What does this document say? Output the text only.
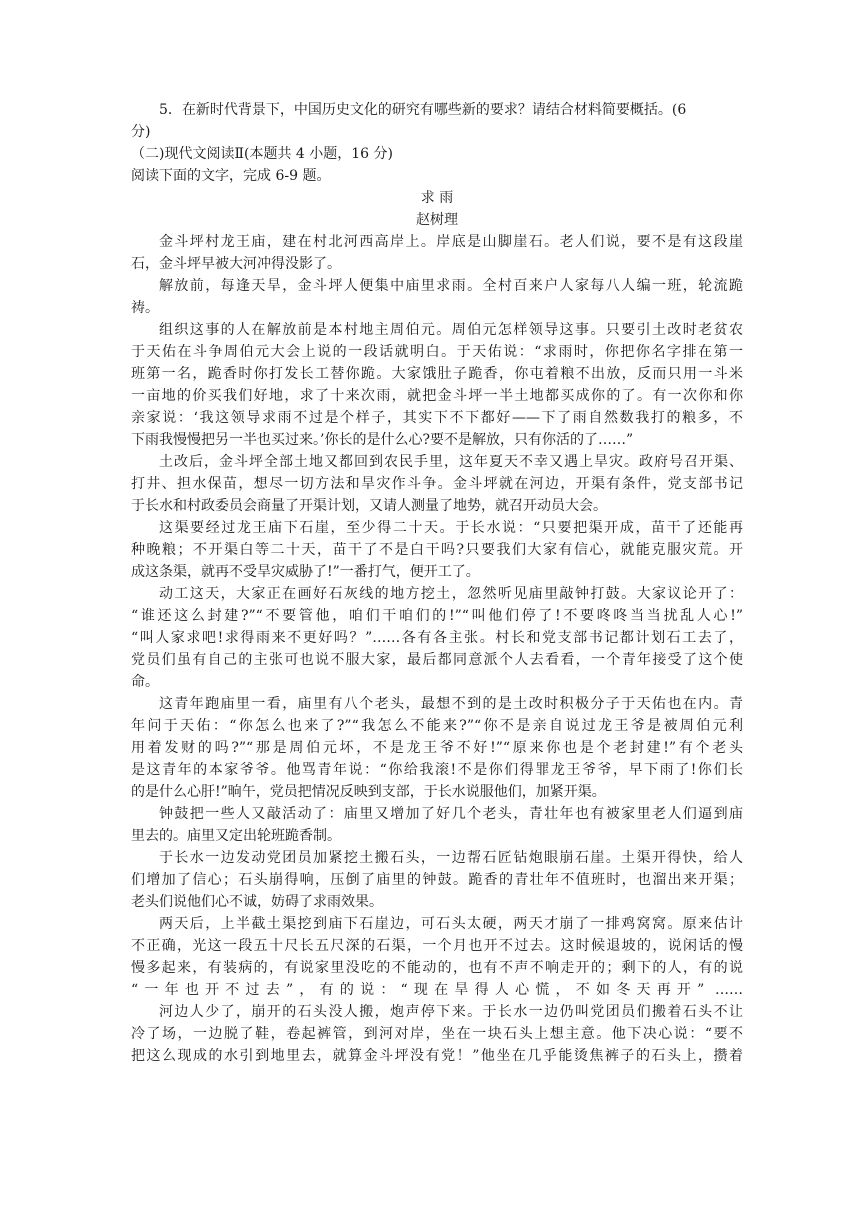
5．在新时代背景下，中国历史文化的研究有哪些新的要求？请结合材料简要概括。(6
分)
（二)现代文阅读Ⅱ(本题共 4 小题，16 分)
阅读下面的文字，完成 6-9 题。
求 雨
赵树理
金斗坪村龙王庙，建在村北河西高岸上。岸底是山脚崖石。老人们说，要不是有这段崖
石，金斗坪早被大河冲得没影了。
解放前，每逢天旱，金斗坪人便集中庙里求雨。全村百来户人家每八人编一班，轮流跪
祷。
组织这事的人在解放前是本村地主周伯元。周伯元怎样领导这事。只要引土改时老贫农
于天佑在斗争周伯元大会上说的一段话就明白。于天佑说：“求雨时，你把你名字排在第一
班第一名，跪香时你打发长工替你跪。大家饿肚子跪香，你屯着粮不出放，反而只用一斗米
一亩地的价买我们好地，求了十来次雨，就把金斗坪一半土地都买成你的了。有一次你和你
亲家说：‘我这领导求雨不过是个样子，其实下不下都好——下了雨自然数我打的粮多，不
下雨我慢慢把另一半也买过来。’你长的是什么心?要不是解放，只有你活的了……”
土改后，金斗坪全部土地又都回到农民手里，这年夏天不幸又遇上旱灾。政府号召开渠、
打井、担水保苗，想尽一切方法和旱灾作斗争。金斗坪就在河边，开渠有条件，党支部书记
于长水和村政委员会商量了开渠计划，又请人测量了地势，就召开动员大会。
这渠要经过龙王庙下石崖，至少得二十天。于长水说：“只要把渠开成，苗干了还能再
种晚粮；不开渠白等二十天，苗干了不是白干吗?只要我们大家有信心，就能克服灾荒。开
成这条渠，就再不受旱灾威胁了!”一番打气，便开工了。
动工这天，大家正在画好石灰线的地方挖土，忽然听见庙里敲钟打鼓。大家议论开了：
“谁还这么封建?”“不要管他，咱们干咱们的!”“叫他们停了!不要咚咚当当扰乱人心!”
“叫人家求吧!求得雨来不更好吗？”……各有各主张。村长和党支部书记都计划石工去了，
党员们虽有自己的主张可也说不服大家，最后都同意派个人去看看，一个青年接受了这个使
命。
这青年跑庙里一看，庙里有八个老头，最想不到的是土改时积极分子于天佑也在内。青
年问于天佑：“你怎么也来了?”“我怎么不能来?”“你不是亲自说过龙王爷是被周伯元利
用着发财的吗?”“那是周伯元坏，不是龙王爷不好!”“原来你也是个老封建!”有个老头
是这青年的本家爷爷。他骂青年说：“你给我滚!不是你们得罪龙王爷爷，早下雨了!你们长
的是什么心肝!”晌午，党员把情况反映到支部，于长水说服他们，加紧开渠。
钟鼓把一些人又敲活动了：庙里又增加了好几个老头，青壮年也有被家里老人们逼到庙
里去的。庙里又定出轮班跪香制。
于长水一边发动党团员加紧挖土搬石头，一边帮石匠钻炮眼崩石崖。土渠开得快，给人
们增加了信心；石头崩得响，压倒了庙里的钟鼓。跪香的青壮年不值班时，也溜出来开渠；
老头们说他们心不诚，妨碍了求雨效果。
两天后，上半截土渠挖到庙下石崖边，可石头太硬，两天才崩了一排鸡窝窝。原来估计
不正确，光这一段五十尺长五尺深的石渠，一个月也开不过去。这时候退坡的，说闲话的慢
慢多起来，有装病的，有说家里没吃的不能动的，也有不声不响走开的；剩下的人，有的说
“一年也开不过去”，有的说：“现在旱得人心慌，不如冬天再开” ……
河边人少了，崩开的石头没人搬，炮声停下来。于长水一边仍叫党团员们搬着石头不让
冷了场，一边脱了鞋，卷起裤管，到河对岸，坐在一块石头上想主意。他下决心说：“要不
把这么现成的水引到地里去，就算金斗坪没有党！”他坐在几乎能烫焦裤子的石头上，攒着
